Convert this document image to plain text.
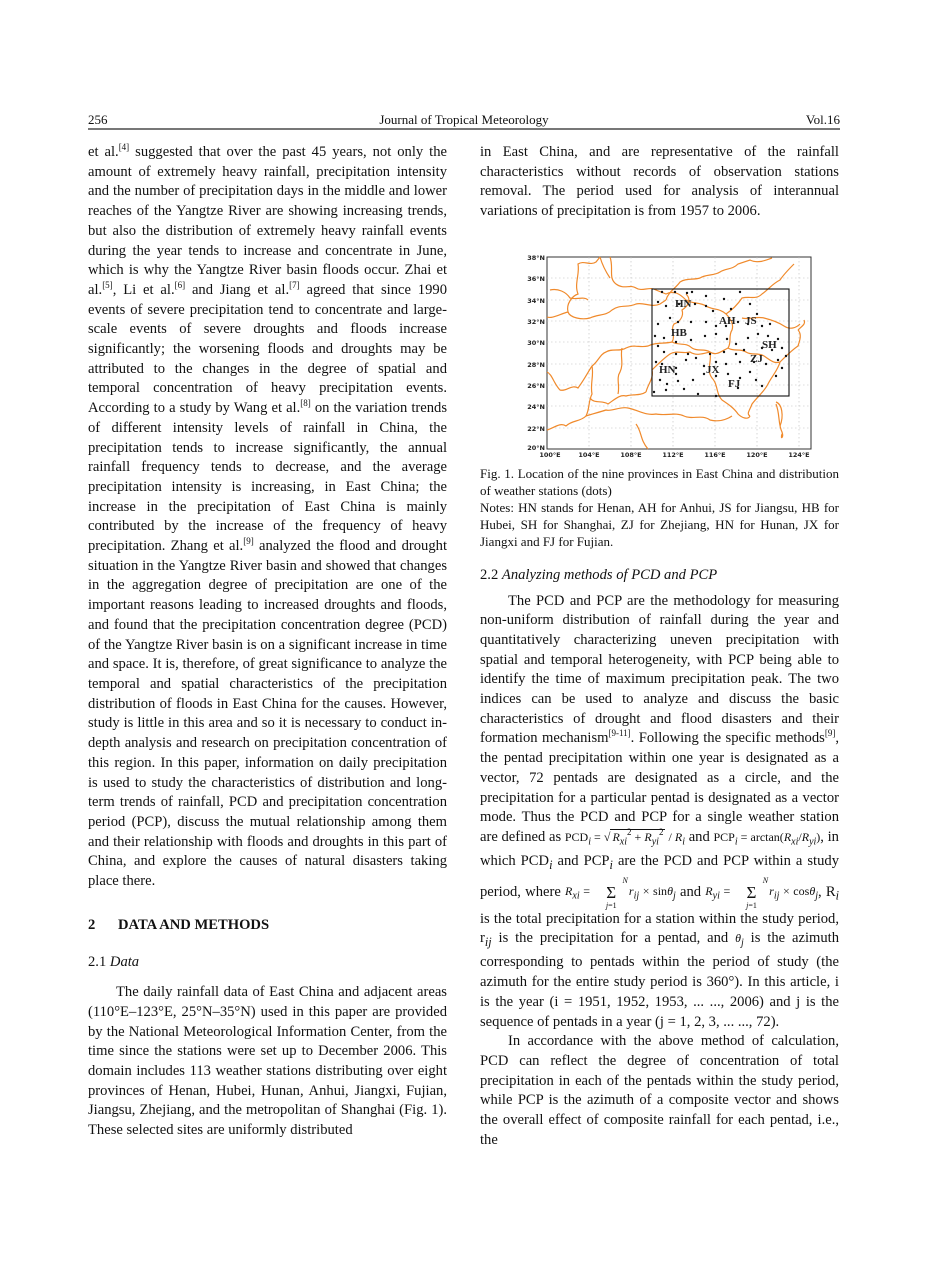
256	Journal of Tropical Meteorology	Vol.16

et al.[4] suggested that over the past 45 years, not only the amount of extremely heavy rainfall, precipitation intensity and the number of precipitation days in the middle and lower reaches of the Yangtze River are showing increasing trends, but also the distribution of extremely heavy rainfall events during the year tends to increase and concentrate in June, which is why the Yangtze River basin floods occur. Zhai et al.[5], Li et al.[6] and Jiang et al.[7] agreed that since 1990 events of severe precipitation tend to concentrate and large-scale events of severe droughts and floods increase significantly; the worsening floods and droughts may be attributed to the changes in the degree of spatial and temporal concentration of heavy precipitation events. According to a study by Wang et al.[8] on the variation trends of different intensity levels of rainfall in China, the precipitation tends to increase significantly, the annual rainfall frequency tends to decrease, and the average precipitation intensity is increasing, in East China; the increase in the precipitation of East China is mainly contributed by the increase of the frequency of heavy precipitation. Zhang et al.[9] analyzed the flood and drought situation in the Yangtze River basin and showed that changes in the aggregation degree of precipitation are one of the important reasons leading to increased droughts and floods, and found that the precipitation concentration degree (PCD) of the Yangtze River basin is on a significant increase in time and space. It is, therefore, of great significance to analyze the temporal and spatial characteristics of the precipitation distribution of floods in East China for the causes. However, study is little in this area and so it is necessary to conduct in-depth analysis and research on precipitation concentration of this region. In this paper, information on daily precipitation is used to study the characteristics of distribution and long-term trends of rainfall, PCD and precipitation concentration period (PCP), discuss the mutual relationship among them and their relationship with floods and droughts in this part of China, and explore the causes of natural disasters taking place there.

2 DATA AND METHODS
2.1 Data

The daily rainfall data of East China and adjacent areas (110°E–123°E, 25°N–35°N) used in this paper are provided by the National Meteorological Information Center, from the time since the stations were set up to December 2006. This domain includes 113 weather stations distributing over eight provinces of Henan, Hubei, Hunan, Anhui, Jiangxi, Fujian, Jiangsu, Zhejiang, and the metropolitan of Shanghai (Fig. 1). These selected sites are uniformly distributed

in East China, and are representative of the rainfall characteristics without records of observation stations removal. The period used for analysis of interannual variations of precipitation is from 1957 to 2006.

38°N
36°N
34°N
32°N
30°N
28°N
26°N
24°N
22°N
20°N
100°E	104°E	108°E	112°E	116°E	120°E	124°E
HN
AH JS
HB
SH
ZJ
HN	JX
FJ

Fig. 1. Location of the nine provinces in East China and distribution of weather stations (dots)

Notes: HN stands for Henan, AH for Anhui, JS for Jiangsu, HB for Hubei, SH for Shanghai, ZJ for Zhejiang, HN for Hunan, JX for Jiangxi and FJ for Fujian.

2.2 Analyzing methods of PCD and PCP

The PCD and PCP are the methodology for measuring non-uniform distribution of rainfall during the year and quantitatively characterizing uneven precipitation with spatial and temporal heterogeneity, with PCP being able to identify the time of maximum precipitation peak. The two indices can be used to analyze and discuss the basic characteristics of drought and flood disasters and their formation mechanism[9-11]. Following the specific methods[9], the pentad precipitation within one year is designated as a vector, 72 pentads are designated as a circle, and the precipitation for a particular pentad is designated as a vector mode. Thus the PCD and PCP for a single weather station are defined as $PCD_i$ = √ $R_{xi}^2 + R_{yi}^2 / R_i$ and $PCP_i = \arctan(R_{xi}/R_{yi})$, in which $PCD_i$ and $PCP_i$ are the PCD and PCP within a study period, where $R_{xi} = N$
Σ
$j=1r_{ij} \times \sin\theta_j$ and $R_{yi} = N$
Σ
$j=1r_{ij} \times \cos\theta_j$, $R_i$ is the total precipitation for a station within the study period, $r_{ij}$ is the precipitation for a pentad, and $\theta_j$ is the azimuth corresponding to pentads within the period of study (the azimuth for the entire study period is 360°). In this article, i is the year (i = 1951, 1952, 1953, ... ..., 2006) and j is the sequence of pentads in a year (j = 1, 2, 3, ... ..., 72).

In accordance with the above method of calculation, PCD can reflect the degree of concentration of total precipitation in each of the pentads within the study period, while PCP is the azimuth of a composite vector and shows the overall effect of composite rainfall for each pentad, i.e., the
